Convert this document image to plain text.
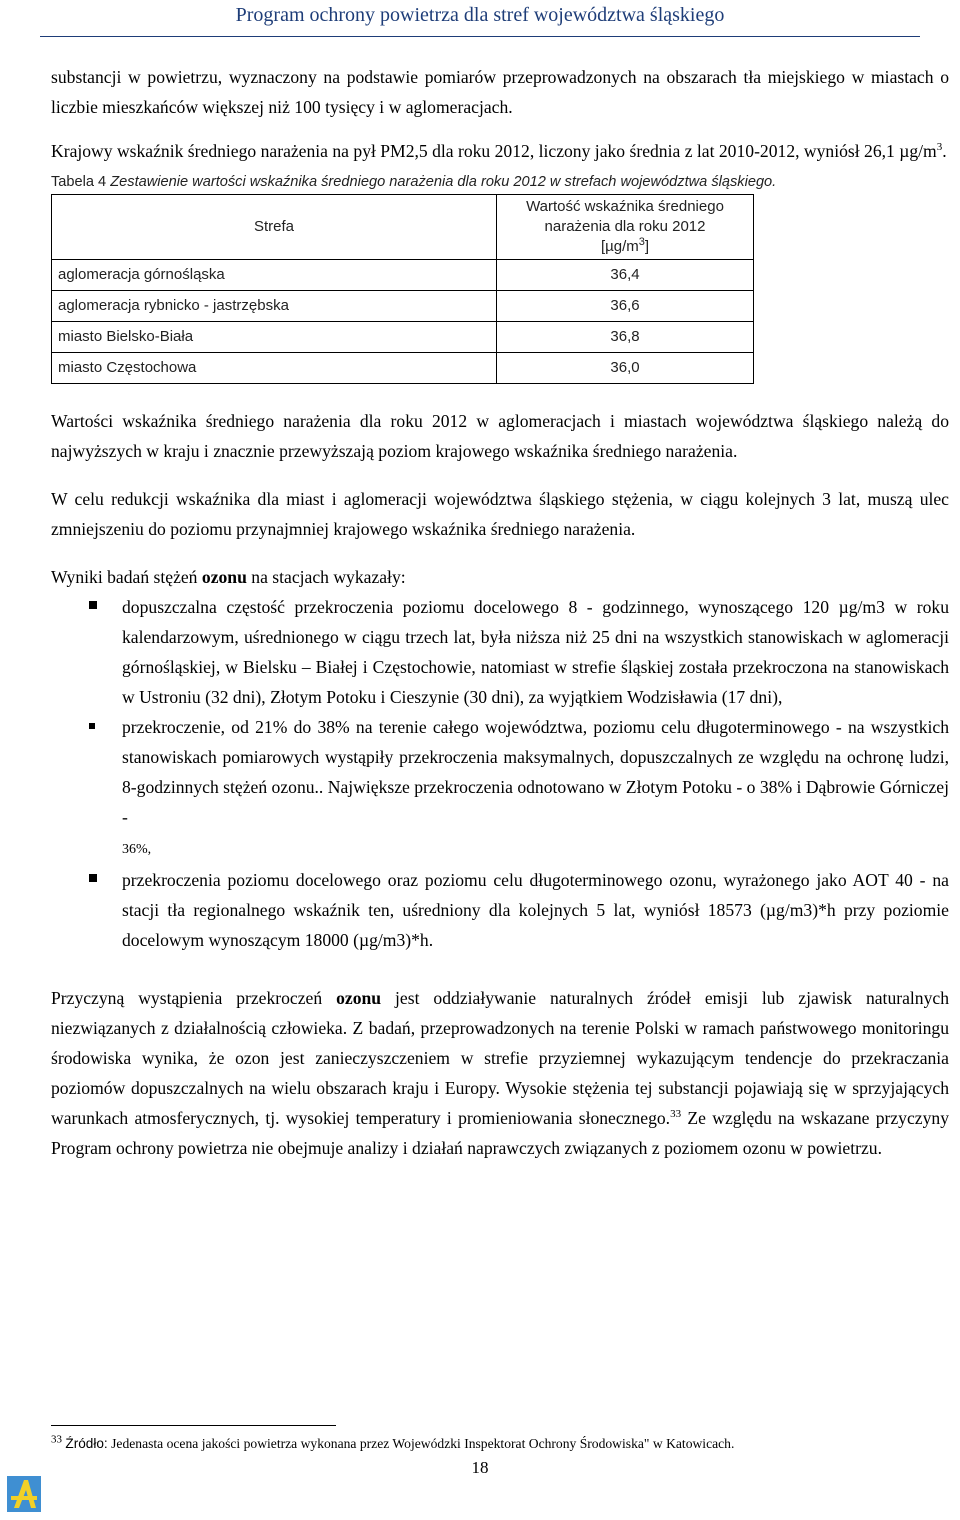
Program ochrony powietrza dla stref województwa śląskiego

substancji w powietrzu, wyznaczony na podstawie pomiarów przeprowadzonych na obszarach tła miejskiego w miastach o liczbie mieszkańców większej niż 100 tysięcy i w aglomeracjach.

Krajowy wskaźnik średniego narażenia na pył PM2,5 dla roku 2012, liczony jako średnia z lat 2010-2012, wyniósł 26,1 $\mu g/m^3$.

Tabela 4 Zestawienie wartości wskaźnika średniego narażenia dla roku 2012 w strefach województwa śląskiego.
Strefa	Wartość wskaźnika średniego narażenia dla roku 2012
$[\mu g/m^3]$
aglomeracja górnośląska	36,4
aglomeracja rybnicko - jastrzębska	36,6
miasto Bielsko-Biała	36,8
miasto Częstochowa	36,0

Wartości wskaźnika średniego narażenia dla roku 2012 w aglomeracjach i miastach województwa śląskiego należą do najwyższych w kraju i znacznie przewyższają poziom krajowego wskaźnika średniego narażenia.

W celu redukcji wskaźnika dla miast i aglomeracji województwa śląskiego stężenia, w ciągu kolejnych 3 lat, muszą ulec zmniejszeniu do poziomu przynajmniej krajowego wskaźnika średniego narażenia.

Wyniki badań stężeń ozonu na stacjach wykazały:

dopuszczalna częstość przekroczenia poziomu docelowego 8 - godzinnego, wynoszącego 120 µg/m3 w roku kalendarzowym, uśrednionego w ciągu trzech lat, była niższa niż 25 dni na wszystkich stanowiskach w aglomeracji górnośląskiej, w Bielsku – Białej i Częstochowie, natomiast w strefie śląskiej została przekroczona na stanowiskach w Ustroniu (32 dni), Złotym Potoku i Cieszynie (30 dni), za wyjątkiem Wodzisławia (17 dni),
przekroczenie, od 21% do 38% na terenie całego województwa, poziomu celu długoterminowego - na wszystkich stanowiskach pomiarowych wystąpiły przekroczenia maksymalnych, dopuszczalnych ze względu na ochronę ludzi, 8-godzinnych stężeń ozonu.. Największe przekroczenia odnotowano w Złotym Potoku - o 38% i Dąbrowie Górniczej -
36%,
przekroczenia poziomu docelowego oraz poziomu celu długoterminowego ozonu, wyrażonego jako AOT 40 - na stacji tła regionalnego wskaźnik ten, uśredniony dla kolejnych 5 lat, wyniósł 18573 (µg/m3)*h przy poziomie docelowym wynoszącym 18000 (µg/m3)*h.

Przyczyną wystąpienia przekroczeń ozonu jest oddziaływanie naturalnych źródeł emisji lub zjawisk naturalnych niezwiązanych z działalnością człowieka. Z badań, przeprowadzonych na terenie Polski w ramach państwowego monitoringu środowiska wynika, że ozon jest zanieczyszczeniem w strefie przyziemnej wykazującym tendencje do przekraczania poziomów dopuszczalnych na wielu obszarach kraju i Europy. Wysokie stężenia tej substancji pojawiają się w sprzyjających warunkach atmosferycznych, tj. wysokiej temperatury i promieniowania słonecznego.$^{33}$ Ze względu na wskazane przyczyny Program ochrony powietrza nie obejmuje analizy i działań naprawczych związanych z poziomem ozonu w powietrzu.

$^{33}$ Źródło: Jedenasta ocena jakości powietrza wykonana przez Wojewódzki Inspektorat Ochrony Środowiska" w Katowicach.
18
